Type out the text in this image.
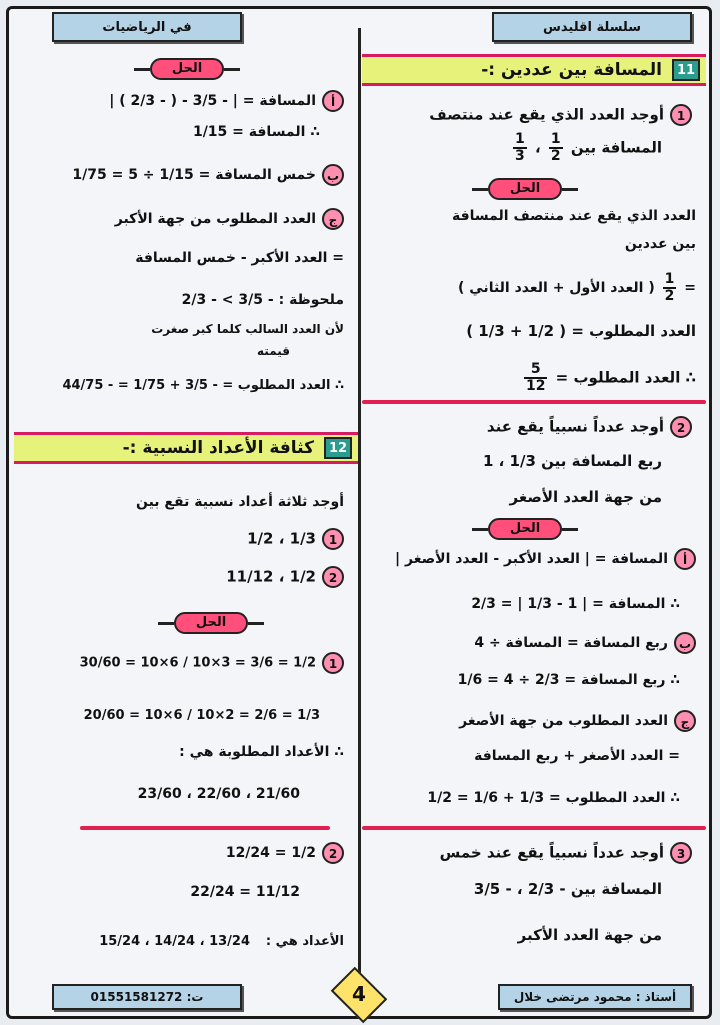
سلسلة اقليدس
في الرياضيات
11
المسافة بين عددين :-
1أوجد العدد الذي يقع عند منتصف
المسافة بين
$\frac{1}{2}$
،
$\frac{1}{3}$
الحل
العدد الذي يقع عند منتصف المسافة
بين عددين
=
$\frac{1}{2}$
( العدد الأول + العدد الثاني )
العدد المطلوب = ( 1/2 + 1/3 )
∴ العدد المطلوب =
$\frac{5}{12}$
2أوجد عدداً نسبياً يقع عند
ربع المسافة بين 1/3 ، 1
من جهة العدد الأصغر
الحل
أالمسافة = | العدد الأكبر - العدد الأصغر |
∴ المسافة = | 1 - 1/3 | = 2/3
بربع المسافة = المسافة ÷ 4
∴ ربع المسافة = 2/3 ÷ 4 = 1/6
جالعدد المطلوب من جهة الأصغر
= العدد الأصغر + ربع المسافة
∴ العدد المطلوب = 1/3 + 1/6 = 1/2
3أوجد عدداً نسبياً يقع عند خمس
المسافة بين - 2/3 ، - 3/5
من جهة العدد الأكبر
الحل
أالمسافة = | - 3/5 - ( - 2/3 ) |
∴ المسافة = 1/15
بخمس المسافة = 1/15 ÷ 5 = 1/75
جالعدد المطلوب من جهة الأكبر
= العدد الأكبر - خمس المسافة
ملحوظة : - 3/5 > - 2/3
لأن العدد السالب كلما كبر صغرت
قيمته
∴ العدد المطلوب = - 3/5 + 1/75 = - 44/75
12
كثافة الأعداد النسبية :-
أوجد ثلاثة أعداد نسبية تقع بين
11/3 ، 1/2
21/2 ، 11/12
الحل
11/2 = 3/6 = 3×10 / 6×10 = 30/60
1/3 = 2/6 = 2×10 / 6×10 = 20/60
∴ الأعداد المطلوبة هي :
21/60 ، 22/60 ، 23/60
21/2 = 12/24
11/12 = 22/24
الأعداد هي :
13/24 ، 14/24 ، 15/24
أستاذ : محمود مرتضى خلال
ت: 01551581272	4
